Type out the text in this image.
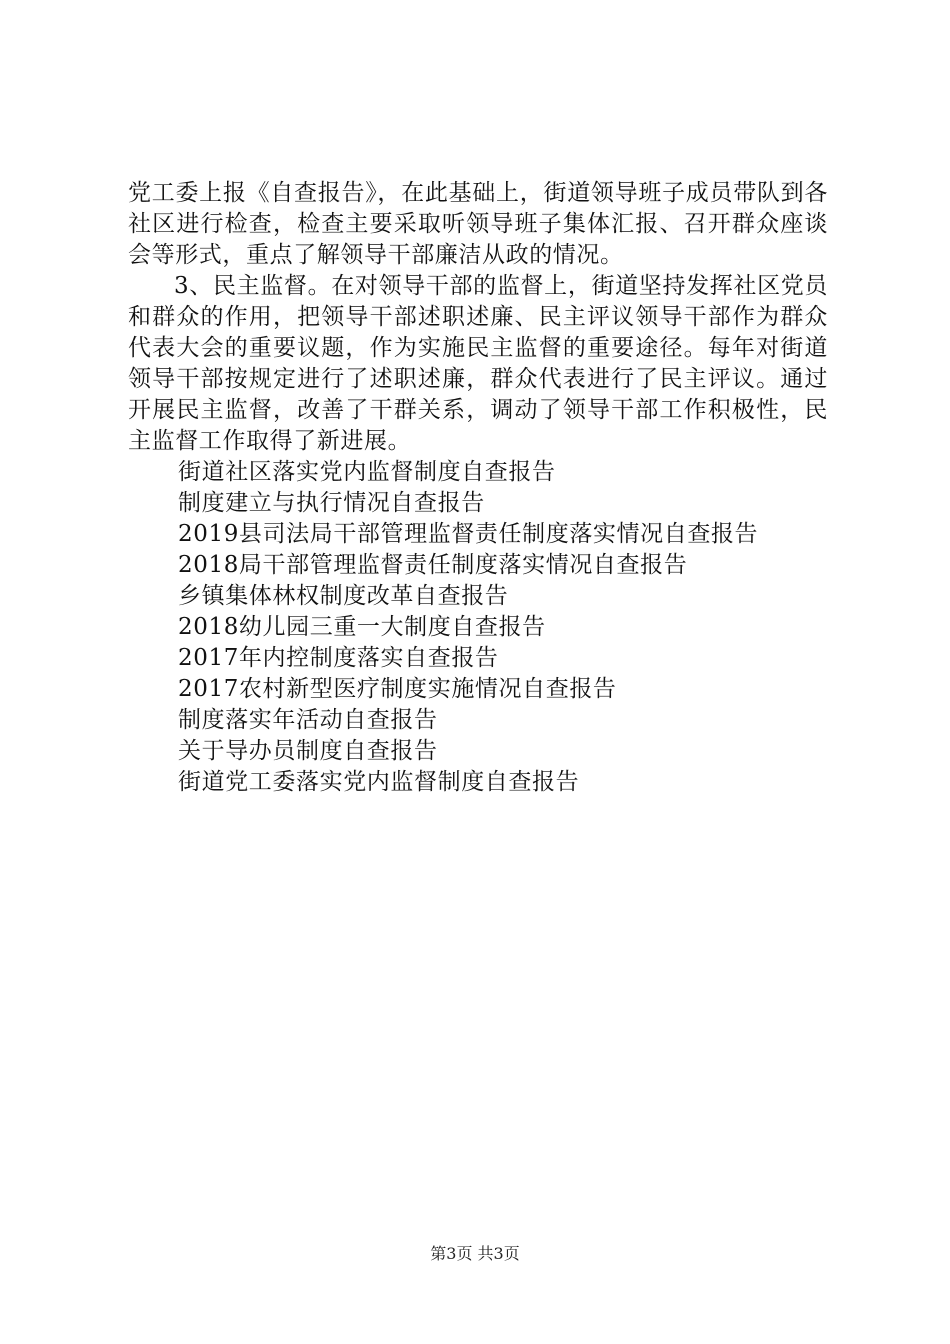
党工委上报《自查报告》，在此基础上，街道领导班子成员带队到各社区进行检查，检查主要采取听领导班子集体汇报、召开群众座谈会等形式，重点了解领导干部廉洁从政的情况。

3、民主监督。在对领导干部的监督上，街道坚持发挥社区党员和群众的作用，把领导干部述职述廉、民主评议领导干部作为群众代表大会的重要议题，作为实施民主监督的重要途径。每年对街道领导干部按规定进行了述职述廉，群众代表进行了民主评议。通过开展民主监督，改善了干群关系，调动了领导干部工作积极性，民主监督工作取得了新进展。

街道社区落实党内监督制度自查报告
制度建立与执行情况自查报告
2019县司法局干部管理监督责任制度落实情况自查报告
2018局干部管理监督责任制度落实情况自查报告
乡镇集体林权制度改革自查报告
2018幼儿园三重一大制度自查报告
2017年内控制度落实自查报告
2017农村新型医疗制度实施情况自查报告
制度落实年活动自查报告
关于导办员制度自查报告
街道党工委落实党内监督制度自查报告
第3页 共3页
